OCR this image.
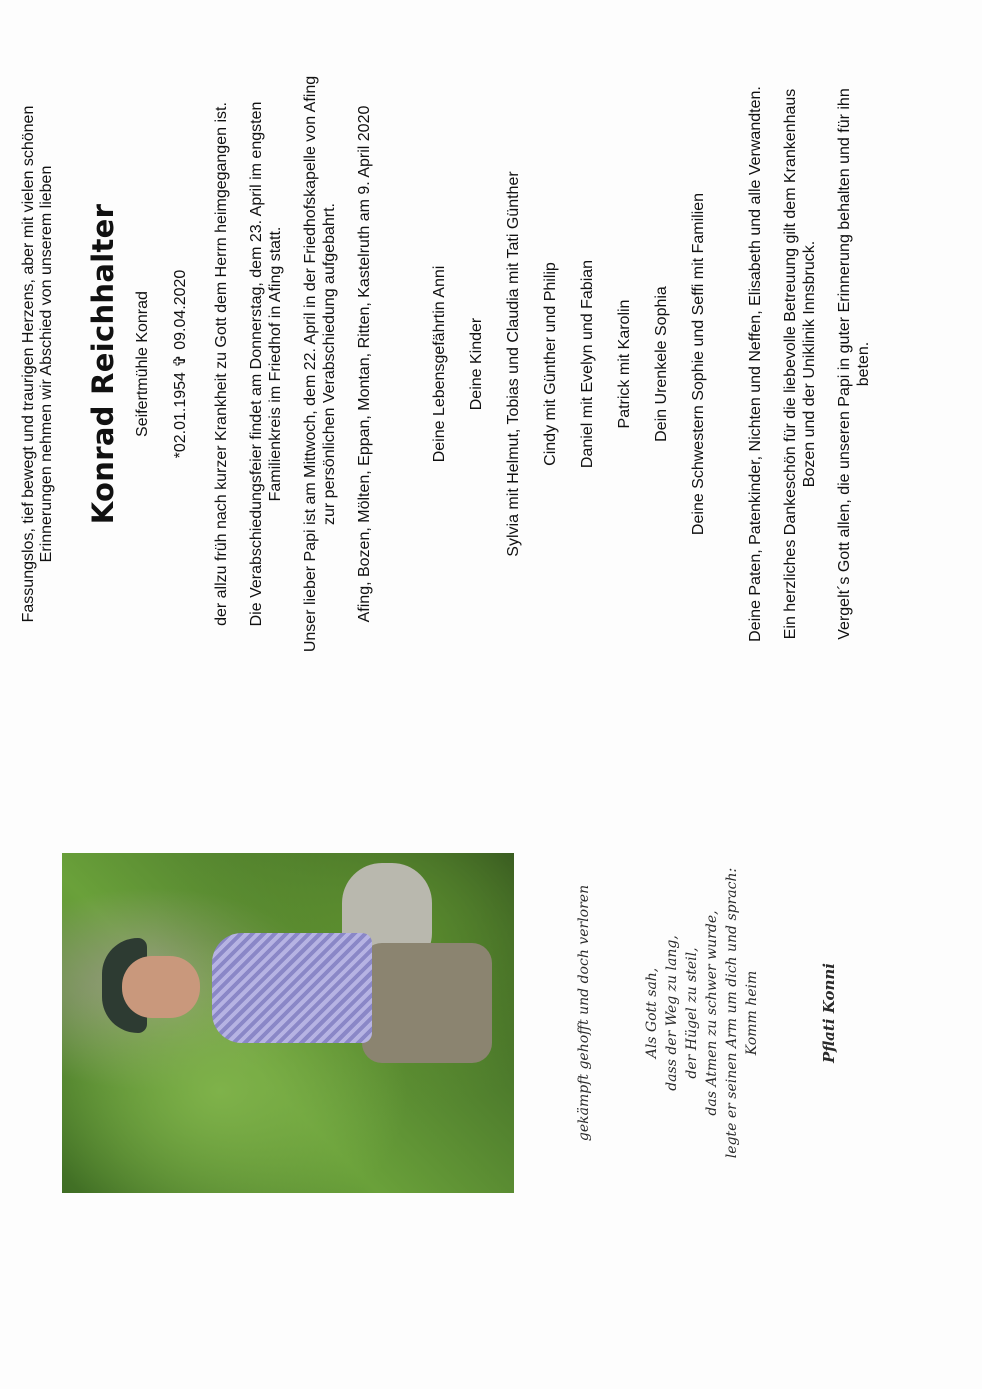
gekämpft gehofft und doch verloren	Als Gott sah, dass der Weg zu lang, der Hügel zu steil, das Atmen zu schwer wurde, legte er seinen Arm um dich und sprach: Komm heim	Pflati Konni

Fassungslos, tief bewegt und traurigen Herzens, aber mit vielen schönen Erinnerungen nehmen wir Abschied von unserem lieben Konrad Reichhalter Seifertmühle Konrad *02.01.1954 ✞ 09.04.2020 der allzu früh nach kurzer Krankheit zu Gott dem Herrn heimgegangen ist. Die Verabschiedungsfeier findet am Donnerstag, dem 23. April im engsten Familienkreis im Friedhof in Afing statt. Unser lieber Papi ist am Mittwoch, dem 22. April in der Friedhofskapelle von Afing zur persönlichen Verabschiedung aufgebahrt. Afing, Bozen, Mölten, Eppan, Montan, Ritten, Kastelruth am 9. April 2020	Deine Lebensgefährtin Anni Deine Kinder Sylvia mit Helmut, Tobias und Claudia mit Tati Günther Cindy mit Günther und Philip Daniel mit Evelyn und Fabian Patrick mit Karolin Dein Urenkele Sophia Deine Schwestern Sophie und Seffi mit Familien	Deine Paten, Patenkinder, Nichten und Neffen, Elisabeth und alle Verwandten. Ein herzliches Dankeschön für die liebevolle Betreuung gilt dem Krankenhaus Bozen und der Uniklinik Innsbruck. Vergelt´s Gott allen, die unseren Papi in guter Erinnerung behalten und für ihn beten.
